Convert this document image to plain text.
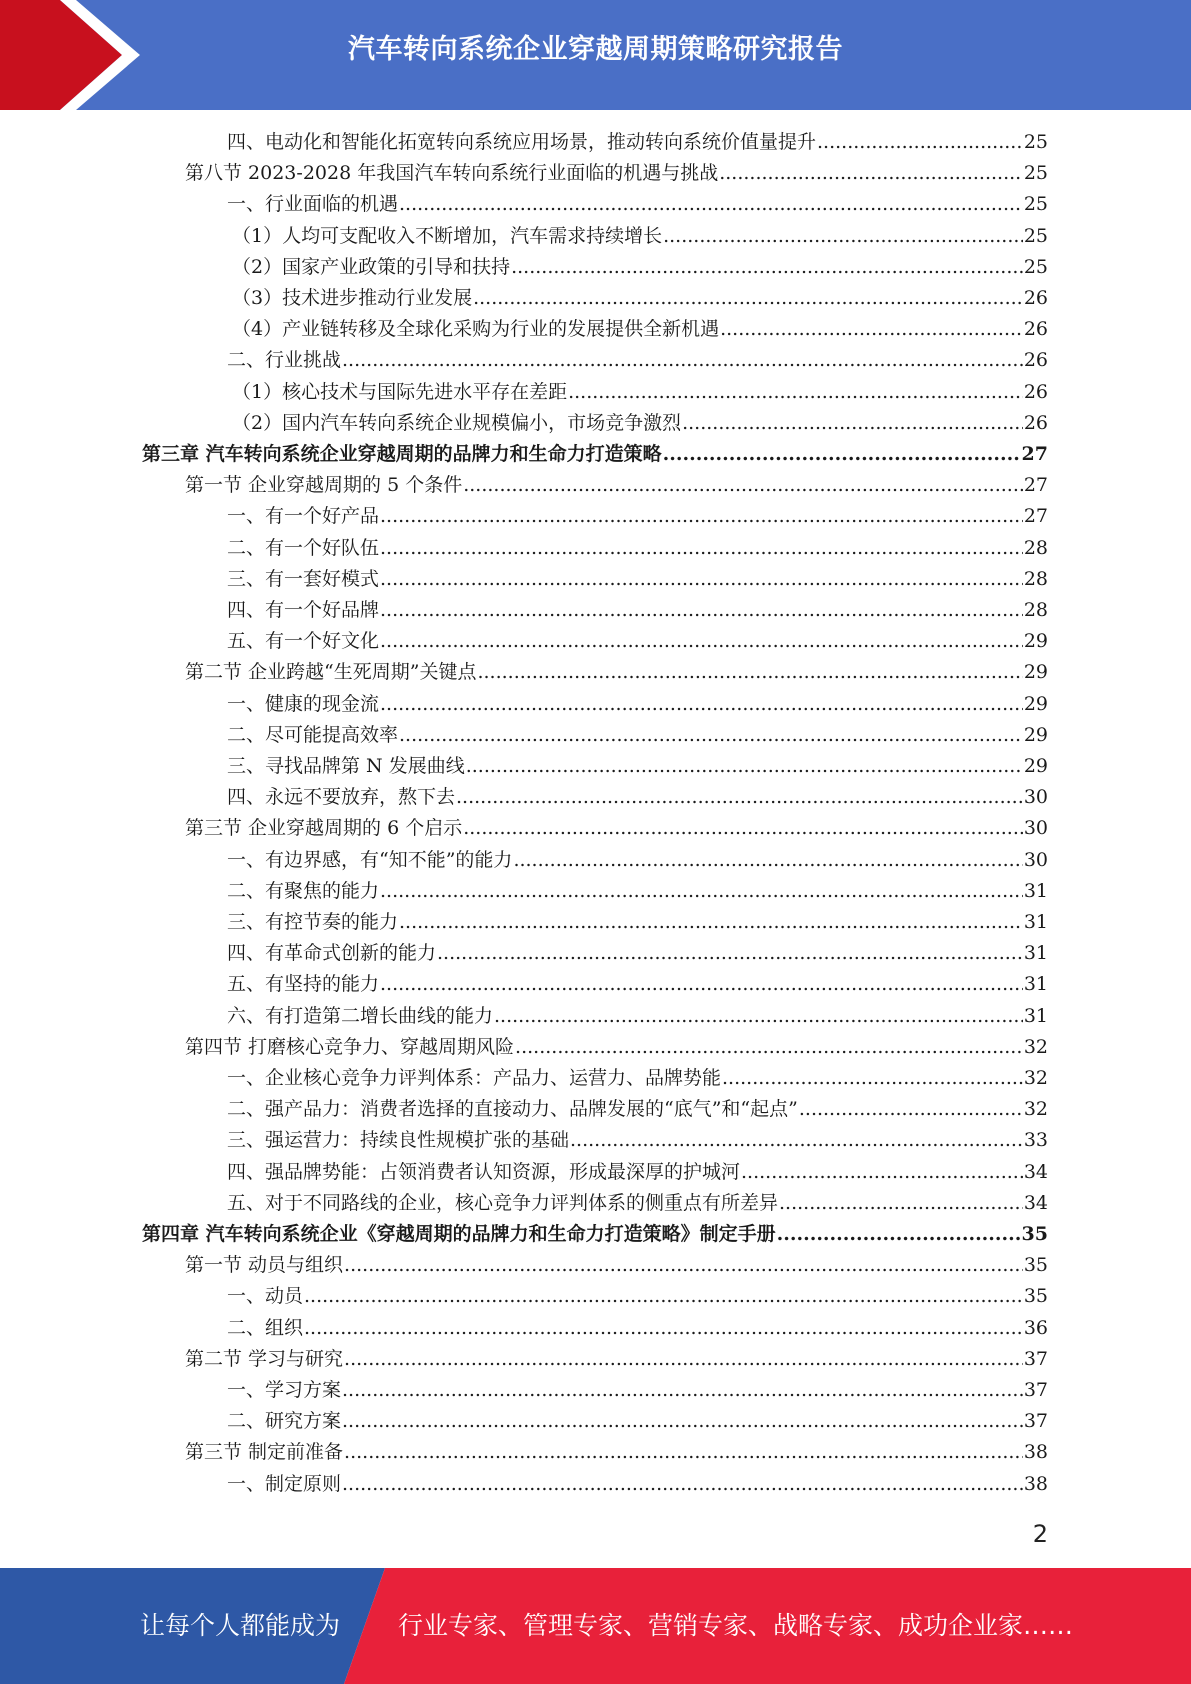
汽车转向系统企业穿越周期策略研究报告
四、电动化和智能化拓宽转向系统应用场景，推动转向系统价值量提升 .....	25
第八节 2023-2028 年我国汽车转向系统行业面临的机遇与挑战 .....	25
一、行业面临的机遇 .....	25
（1）人均可支配收入不断增加，汽车需求持续增长 .....	25
（2）国家产业政策的引导和扶持 .....	25
（3）技术进步推动行业发展 .....	26
（4）产业链转移及全球化采购为行业的发展提供全新机遇 .....	26
二、行业挑战 .....	26
（1）核心技术与国际先进水平存在差距 .....	26
（2）国内汽车转向系统企业规模偏小，市场竞争激烈 .....	26
第三章 汽车转向系统企业穿越周期的品牌力和生命力打造策略 .....	27
第一节 企业穿越周期的 5 个条件 .....	27
一、有一个好产品 .....	27
二、有一个好队伍 .....	28
三、有一套好模式 .....	28
四、有一个好品牌 .....	28
五、有一个好文化 .....	29
第二节 企业跨越“生死周期”关键点 .....	29
一、健康的现金流 .....	29
二、尽可能提高效率 .....	29
三、寻找品牌第 N 发展曲线 .....	29
四、永远不要放弃，熬下去 .....	30
第三节 企业穿越周期的 6 个启示 .....	30
一、有边界感，有“知不能”的能力 .....	30
二、有聚焦的能力 .....	31
三、有控节奏的能力 .....	31
四、有革命式创新的能力 .....	31
五、有坚持的能力 .....	31
六、有打造第二增长曲线的能力 .....	31
第四节 打磨核心竞争力、穿越周期风险 .....	32
一、企业核心竞争力评判体系：产品力、运营力、品牌势能 .....	32
二、强产品力：消费者选择的直接动力、品牌发展的“底气”和“起点” .....	32
三、强运营力：持续良性规模扩张的基础 .....	33
四、强品牌势能：占领消费者认知资源，形成最深厚的护城河 .....	34
五、对于不同路线的企业，核心竞争力评判体系的侧重点有所差异 .....	34
第四章 汽车转向系统企业《穿越周期的品牌力和生命力打造策略》制定手册 .....	35
第一节 动员与组织 .....	35
一、动员 .....	35
二、组织 .....	36
第二节 学习与研究 .....	37
一、学习方案 .....	37
二、研究方案 .....	37
第三节 制定前准备 .....	38
一、制定原则 .....	38
2
让每个人都能成为 行业专家、管理专家、营销专家、战略专家、成功企业家……
